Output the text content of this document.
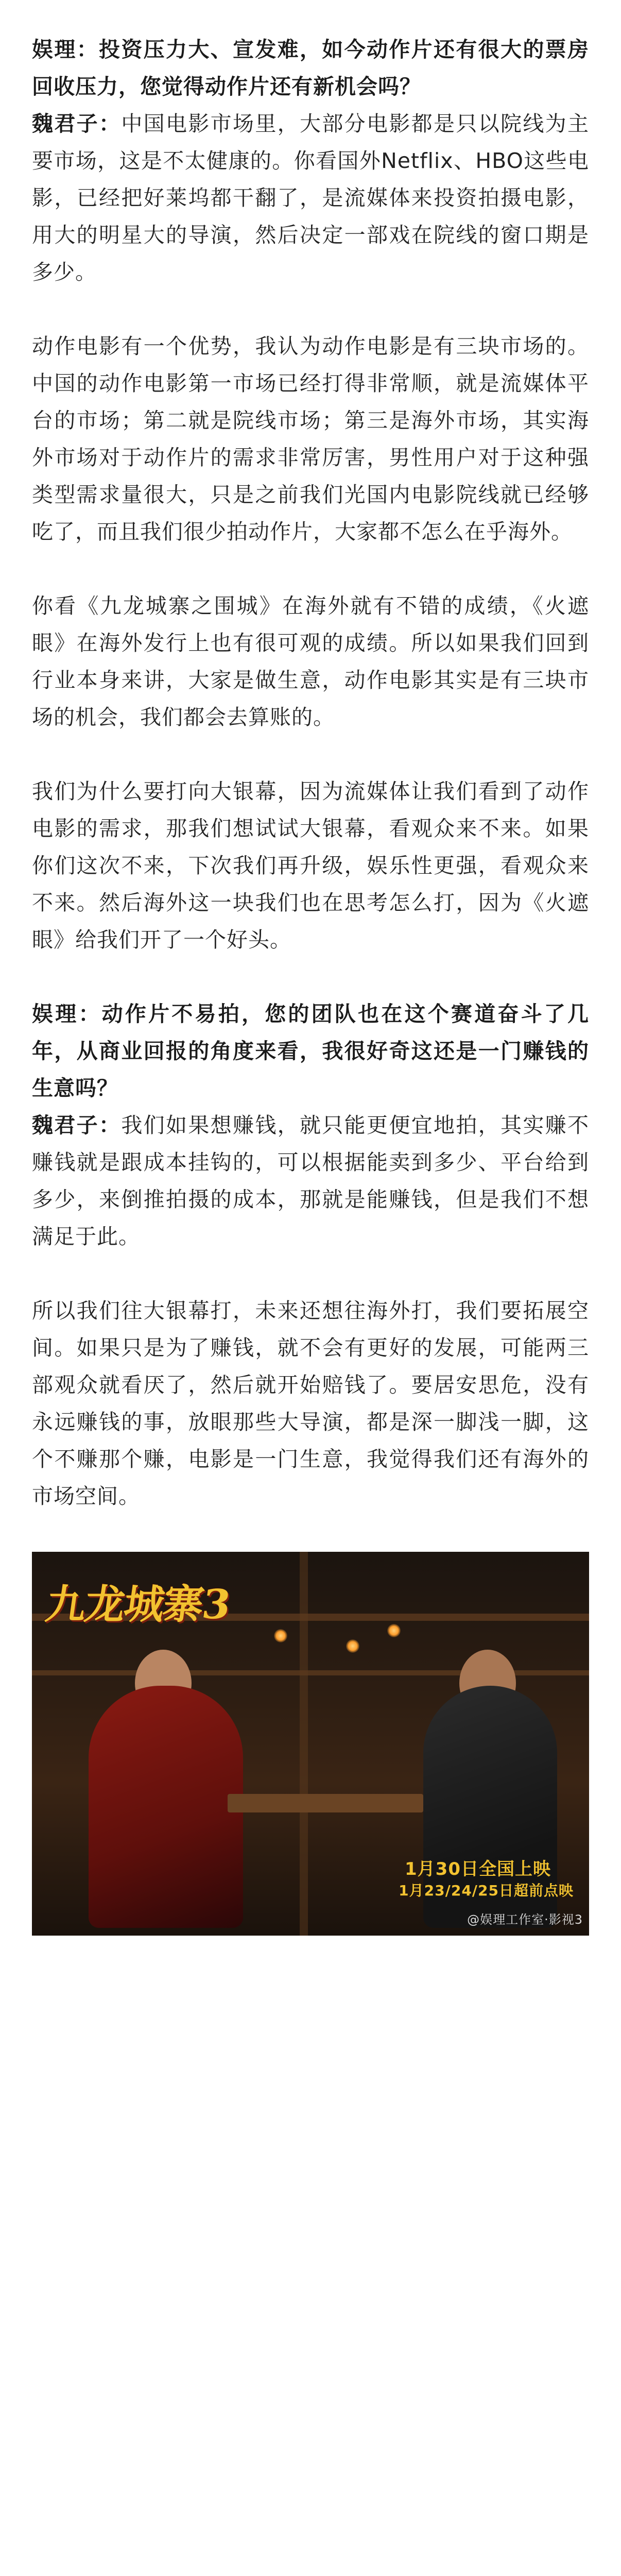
娱理：投资压力大、宣发难，如今动作片还有很大的票房回收压力，您觉得动作片还有新机会吗？
魏君子：中国电影市场里，大部分电影都是只以院线为主要市场，这是不太健康的。你看国外Netflix、HBO这些电影，已经把好莱坞都干翻了，是流媒体来投资拍摄电影，用大的明星大的导演，然后决定一部戏在院线的窗口期是多少。
动作电影有一个优势，我认为动作电影是有三块市场的。中国的动作电影第一市场已经打得非常顺，就是流媒体平台的市场；第二就是院线市场；第三是海外市场，其实海外市场对于动作片的需求非常厉害，男性用户对于这种强类型需求量很大，只是之前我们光国内电影院线就已经够吃了，而且我们很少拍动作片，大家都不怎么在乎海外。
你看《九龙城寨之围城》在海外就有不错的成绩，《火遮眼》在海外发行上也有很可观的成绩。所以如果我们回到行业本身来讲，大家是做生意，动作电影其实是有三块市场的机会，我们都会去算账的。
我们为什么要打向大银幕，因为流媒体让我们看到了动作电影的需求，那我们想试试大银幕，看观众来不来。如果你们这次不来，下次我们再升级，娱乐性更强，看观众来不来。然后海外这一块我们也在思考怎么打，因为《火遮眼》给我们开了一个好头。
娱理：动作片不易拍，您的团队也在这个赛道奋斗了几年，从商业回报的角度来看，我很好奇这还是一门赚钱的生意吗？
魏君子：我们如果想赚钱，就只能更便宜地拍，其实赚不赚钱就是跟成本挂钩的，可以根据能卖到多少、平台给到多少，来倒推拍摄的成本，那就是能赚钱，但是我们不想满足于此。
所以我们往大银幕打，未来还想往海外打，我们要拓展空间。如果只是为了赚钱，就不会有更好的发展，可能两三部观众就看厌了，然后就开始赔钱了。要居安思危，没有永远赚钱的事，放眼那些大导演，都是深一脚浅一脚，这个不赚那个赚，电影是一门生意，我觉得我们还有海外的市场空间。
九龙城寨3
1月30日全国上映
1月23/24/25日超前点映
@娱理工作室·影视3
